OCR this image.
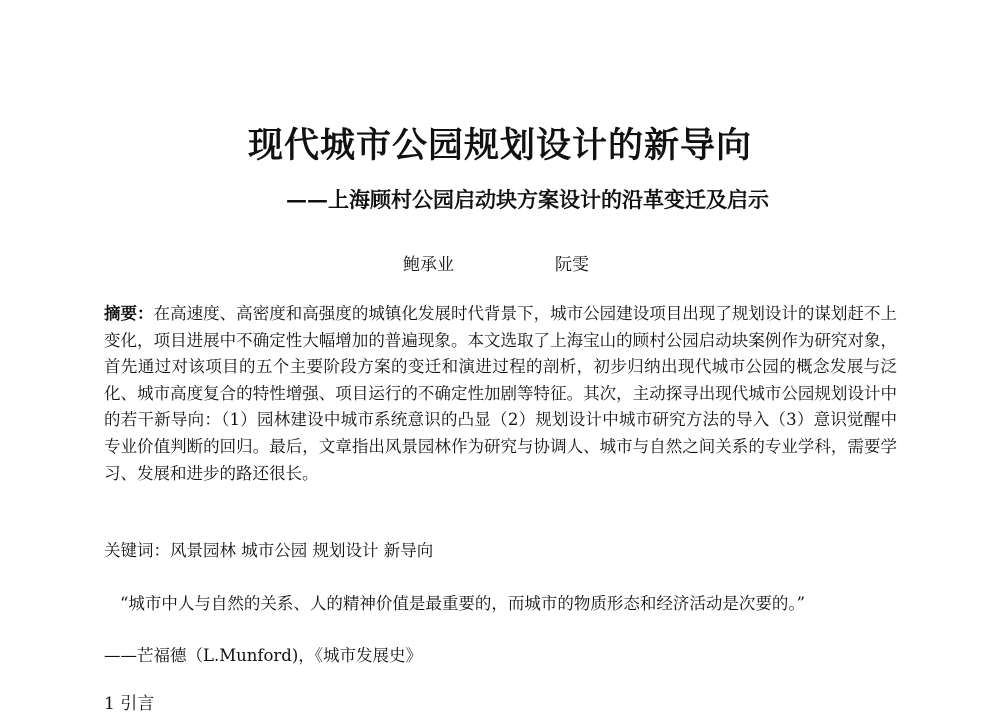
现代城市公园规划设计的新导向
——上海顾村公园启动块方案设计的沿革变迁及启示
鲍承业	阮雯
摘要：在高速度、高密度和高强度的城镇化发展时代背景下，城市公园建设项目出现了规划设计的谋划赶不上变化，项目进展中不确定性大幅增加的普遍现象。本文选取了上海宝山的顾村公园启动块案例作为研究对象，首先通过对该项目的五个主要阶段方案的变迁和演进过程的剖析，初步归纳出现代城市公园的概念发展与泛化、城市高度复合的特性增强、项目运行的不确定性加剧等特征。其次，主动探寻出现代城市公园规划设计中的若干新导向：（1）园林建设中城市系统意识的凸显（2）规划设计中城市研究方法的导入（3）意识觉醒中专业价值判断的回归。最后，文章指出风景园林作为研究与协调人、城市与自然之间关系的专业学科，需要学习、发展和进步的路还很长。
关键词：风景园林 城市公园 规划设计 新导向
“城市中人与自然的关系、人的精神价值是最重要的，而城市的物质形态和经济活动是次要的。”
——芒福德（L.Munford)，《城市发展史》
1 引言
